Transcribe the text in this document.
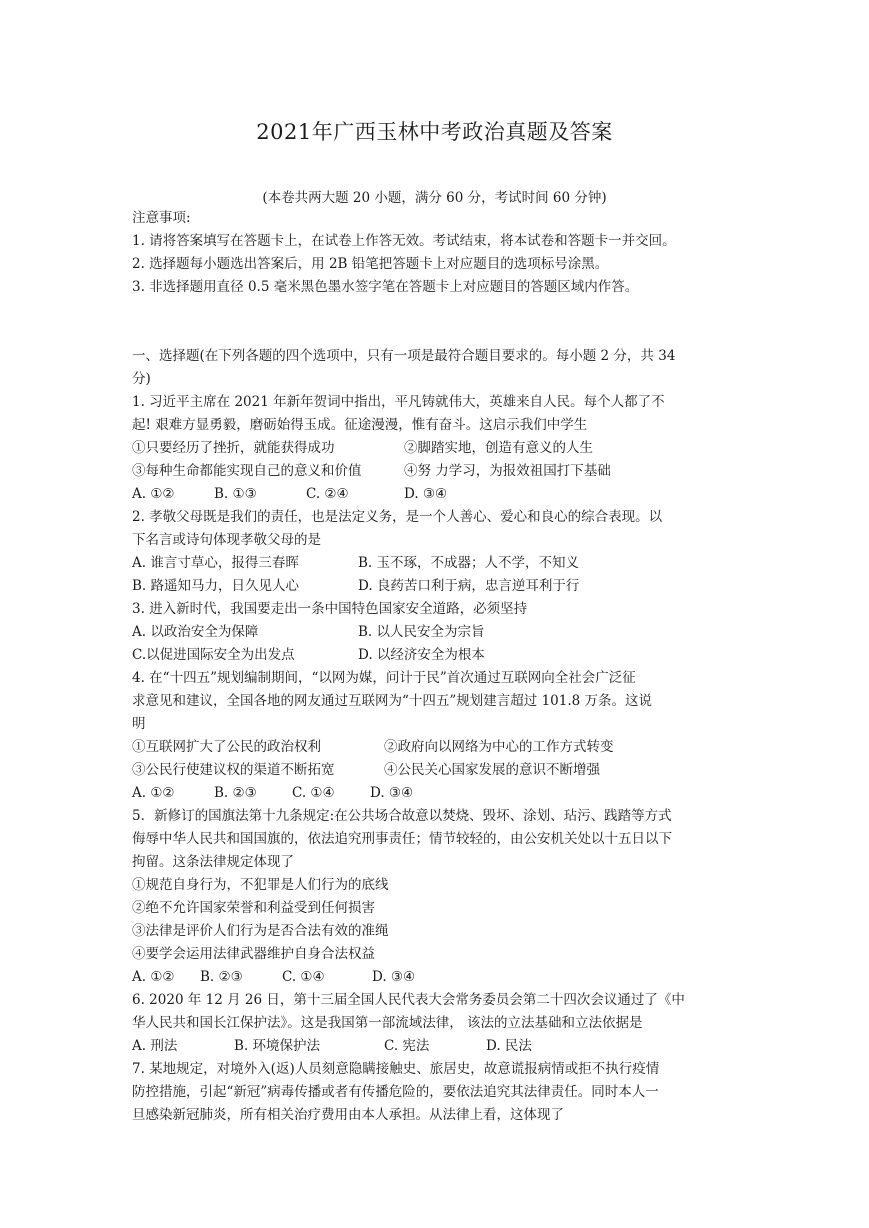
2021年广西玉林中考政治真题及答案
(本卷共两大题 20 小题，满分 60 分，考试时间 60 分钟)
注意事项:
1. 请将答案填写在答题卡上，在试卷上作答无效。考试结束，将本试卷和答题卡一并交回。
2. 选择题每小题选出答案后，用 2B 铅笔把答题卡上对应题目的选项标号涂黑。
3. 非选择题用直径 0.5 毫米黑色墨水签字笔在答题卡上对应题目的答题区域内作答。
一、选择题(在下列各题的四个选项中，只有一项是最符合题目要求的。每小题 2 分，共 34
分)
1. 习近平主席在 2021 年新年贺词中指出，平凡铸就伟大，英雄来自人民。每个人都了不
起! 艰难方显勇毅，磨砺始得玉成。征途漫漫，惟有奋斗。这启示我们中学生
①只要经历了挫折，就能获得成功	②脚踏实地，创造有意义的人生
③每种生命都能实现自己的意义和价值	④努 力学习，为报效祖国打下基础
A. ①②	B. ①③	C. ②④	D. ③④
2. 孝敬父母既是我们的责任，也是法定义务，是一个人善心、爱心和良心的综合表现。以
下名言或诗句体现孝敬父母的是
A. 谁言寸草心，报得三春晖	B. 玉不琢，不成器；人不学，不知义
B. 路遥知马力，日久见人心	D. 良药苦口利于病，忠言逆耳利于行
3. 进入新时代，我国要走出一条中国特色国家安全道路，必须坚持
A. 以政治安全为保障	B. 以人民安全为宗旨
C.以促进国际安全为出发点	D. 以经济安全为根本
4. 在“十四五”规划编制期间，“以网为媒，问计于民”首次通过互联网向全社会广泛征
求意见和建议，全国各地的网友通过互联网为“十四五”规划建言超过 101.8 万条。这说
明
①互联网扩大了公民的政治权利	②政府向以网络为中心的工作方式转变
③公民行使建议权的渠道不断拓宽	④公民关心国家发展的意识不断增强
A. ①②	B. ②③	C. ①④	D. ③④
5．新修订的国旗法第十九条规定:在公共场合故意以焚烧、毁坏、涂划、玷污、践踏等方式
侮辱中华人民共和国国旗的，依法追究刑事责任；情节较轻的，由公安机关处以十五日以下
拘留。这条法律规定体现了
①规范自身行为，不犯罪是人们行为的底线
②绝不允许国家荣誉和利益受到任何损害
③法律是评价人们行为是否合法有效的准绳
④要学会运用法律武器维护自身合法权益
A. ①② B. ②③	C. ①④	D. ③④
6. 2020 年 12 月 26 日，第十三届全国人民代表大会常务委员会第二十四次会议通过了《中
华人民共和国长江保护法》。这是我国第一部流域法律， 该法的立法基础和立法依据是
A. 刑法	B. 环境保护法	C. 宪法	D. 民法
7. 某地规定，对境外入(返)人员刻意隐瞒接触史、旅居史，故意谎报病情或拒不执行疫情
防控措施，引起“新冠”病毒传播或者有传播危险的，要依法追究其法律责任。同时本人一
旦感染新冠肺炎，所有相关治疗费用由本人承担。从法律上看，这体现了
